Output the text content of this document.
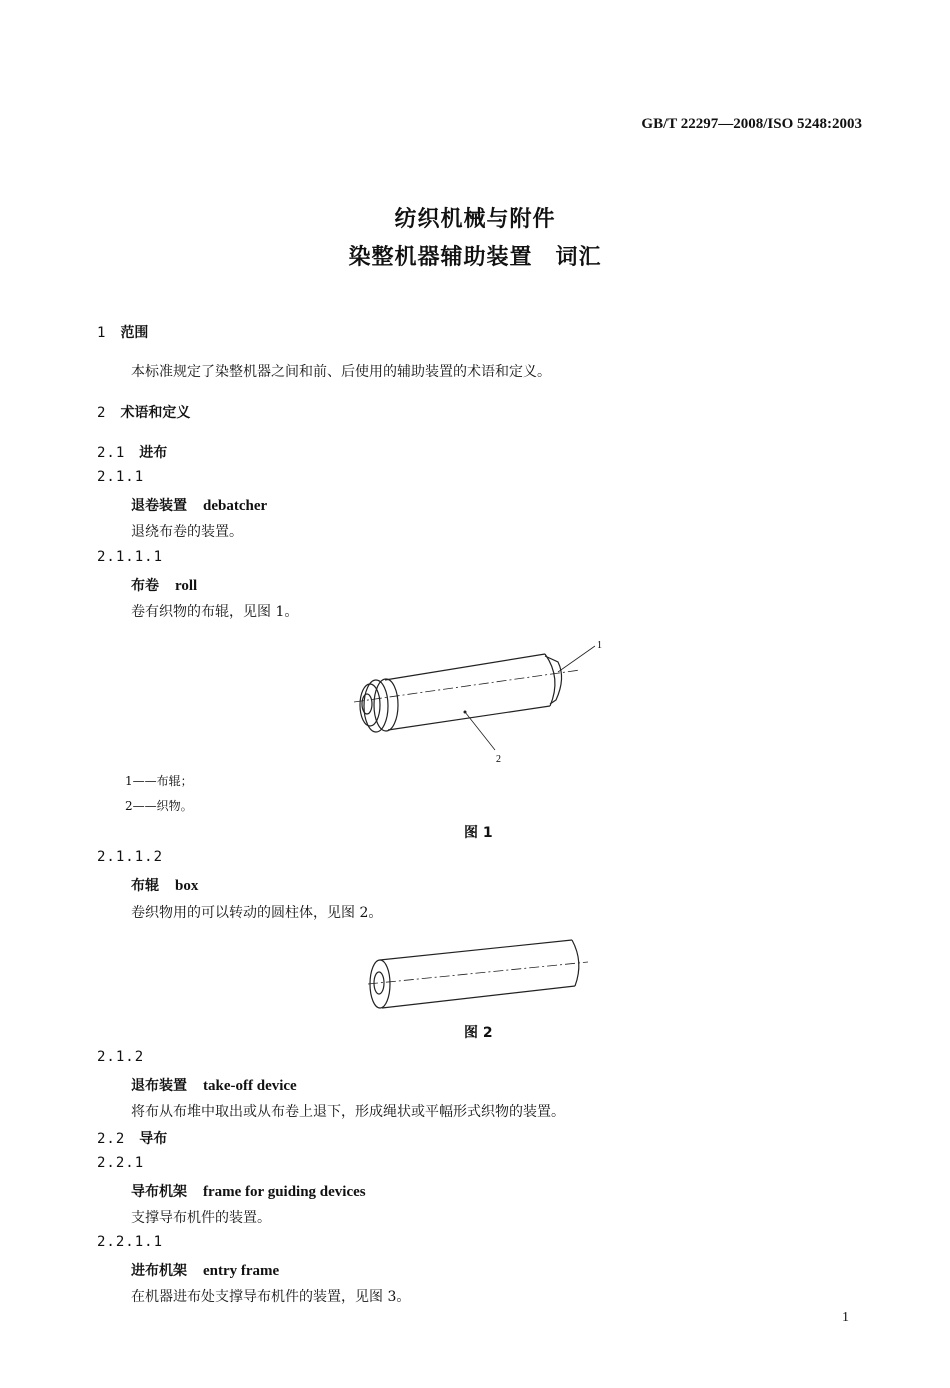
GB/T 22297—2008/ISO 5248:2003
纺织机械与附件
染整机器辅助装置　词汇
1 范围
本标准规定了染整机器之间和前、后使用的辅助装置的术语和定义。
2 术语和定义
2.1 进布
2.1.1
退卷装置 debatcher
退绕布卷的装置。
2.1.1.1
布卷 roll
卷有织物的布辊，见图 1。
1
2
1——布辊；
2——织物。
图 1
2.1.1.2
布辊 box
卷织物用的可以转动的圆柱体，见图 2。
图 2
2.1.2
退布装置 take-off device
将布从布堆中取出或从布卷上退下，形成绳状或平幅形式织物的装置。
2.2 导布
2.2.1
导布机架 frame for guiding devices
支撑导布机件的装置。
2.2.1.1
进布机架 entry frame
在机器进布处支撑导布机件的装置，见图 3。
1
